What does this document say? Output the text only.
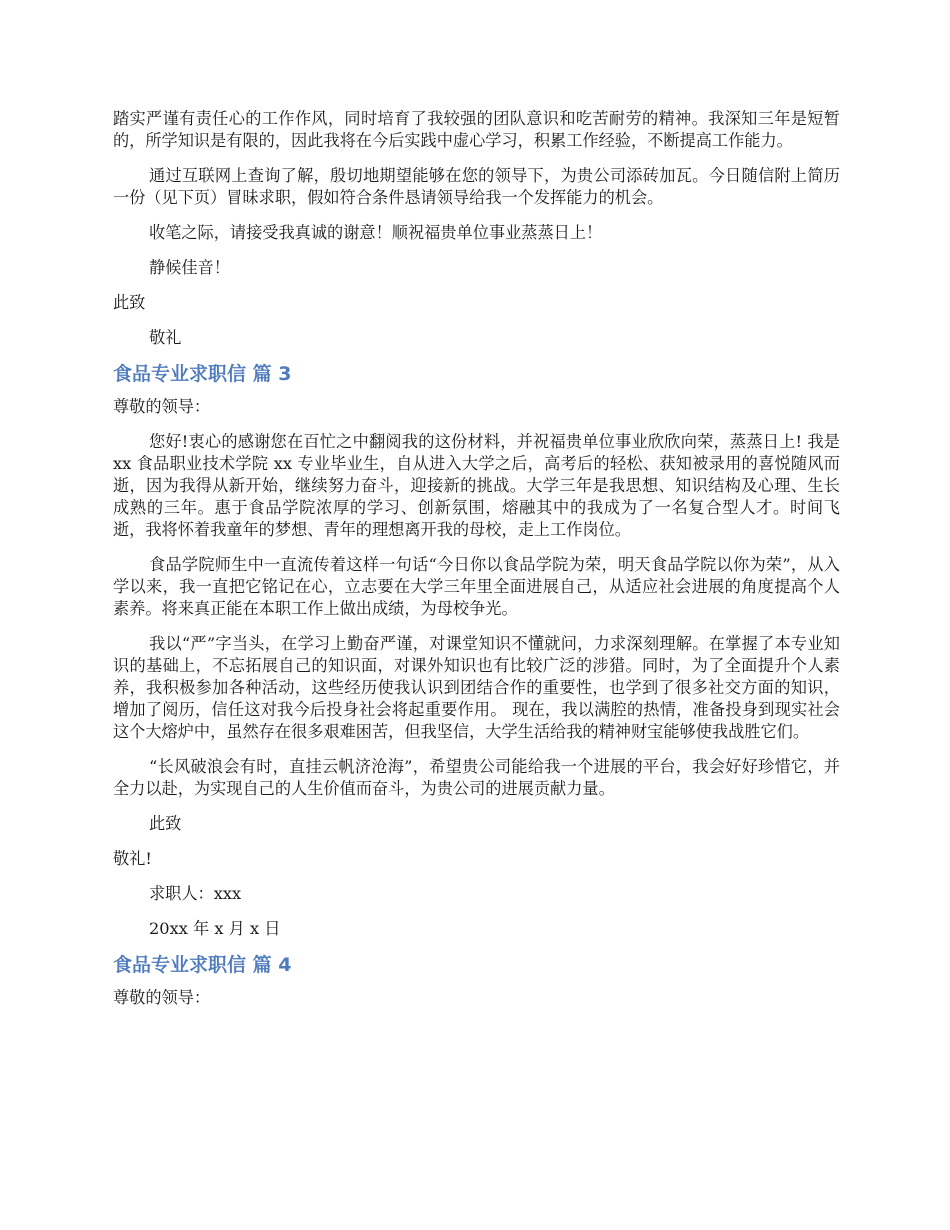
踏实严谨有责任心的工作作风，同时培育了我较强的团队意识和吃苦耐劳的精神。我深知三年是短暂的，所学知识是有限的，因此我将在今后实践中虚心学习，积累工作经验，不断提高工作能力。

通过互联网上查询了解，殷切地期望能够在您的领导下，为贵公司添砖加瓦。今日随信附上简历一份（见下页）冒昧求职，假如符合条件恳请领导给我一个发挥能力的机会。

收笔之际，请接受我真诚的谢意！顺祝福贵单位事业蒸蒸日上！

静候佳音！

此致

敬礼

食品专业求职信 篇 3

尊敬的领导：

您好!衷心的感谢您在百忙之中翻阅我的这份材料，并祝福贵单位事业欣欣向荣，蒸蒸日上! 我是 xx 食品职业技术学院 xx 专业毕业生，自从进入大学之后，高考后的轻松、获知被录用的喜悦随风而逝，因为我得从新开始，继续努力奋斗，迎接新的挑战。大学三年是我思想、知识结构及心理、生长成熟的三年。惠于食品学院浓厚的学习、创新氛围，熔融其中的我成为了一名复合型人才。时间飞逝，我将怀着我童年的梦想、青年的理想离开我的母校，走上工作岗位。

食品学院师生中一直流传着这样一句话“今日你以食品学院为荣，明天食品学院以你为荣”，从入学以来，我一直把它铭记在心，立志要在大学三年里全面进展自己，从适应社会进展的角度提高个人素养。将来真正能在本职工作上做出成绩，为母校争光。

我以“严”字当头，在学习上勤奋严谨，对课堂知识不懂就问，力求深刻理解。在掌握了本专业知识的基础上，不忘拓展自己的知识面，对课外知识也有比较广泛的涉猎。同时，为了全面提升个人素养，我积极参加各种活动，这些经历使我认识到团结合作的重要性，也学到了很多社交方面的知识，增加了阅历，信任这对我今后投身社会将起重要作用。 现在，我以满腔的热情，准备投身到现实社会这个大熔炉中，虽然存在很多艰难困苦，但我坚信，大学生活给我的精神财宝能够使我战胜它们。

“长风破浪会有时，直挂云帆济沧海”，希望贵公司能给我一个进展的平台，我会好好珍惜它，并全力以赴，为实现自己的人生价值而奋斗，为贵公司的进展贡献力量。

此致

敬礼!

求职人：xxx

20xx 年 x 月 x 日

食品专业求职信 篇 4

尊敬的领导：
